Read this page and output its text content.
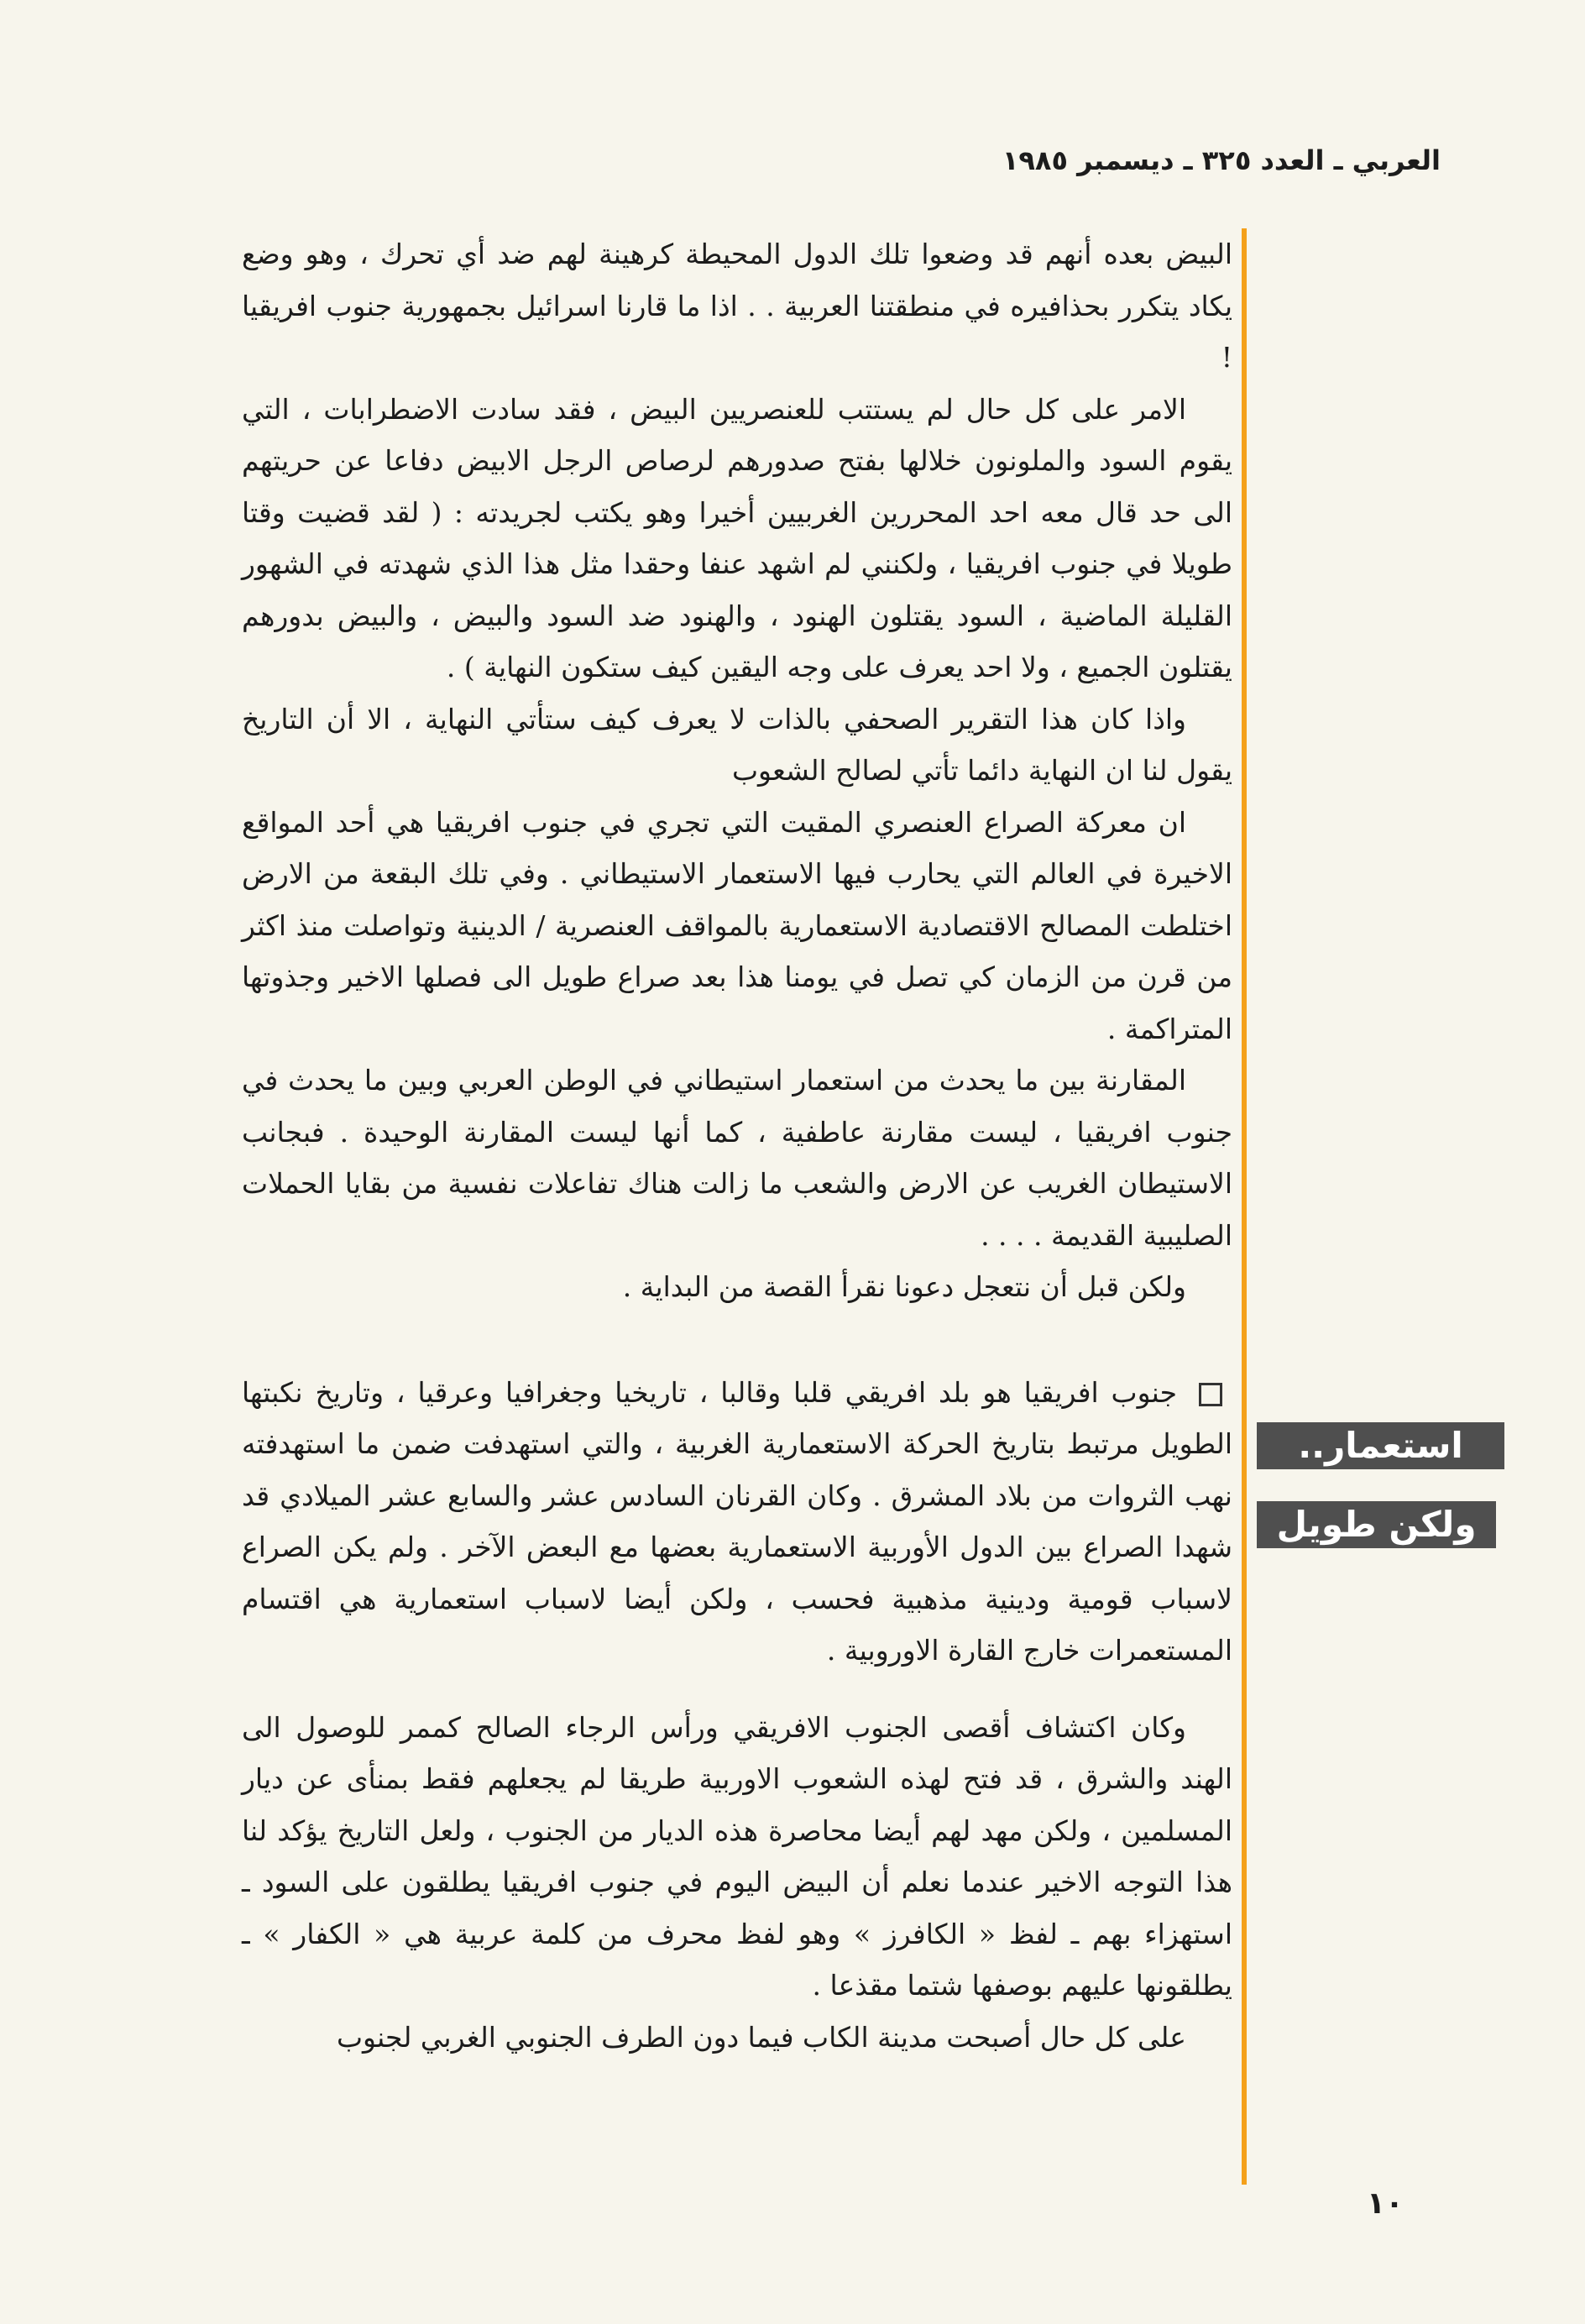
العربي ـ العدد ٣٢٥ ـ ديسمبر ١٩٨٥

البيض بعده أنهم قد وضعوا تلك الدول المحيطة كرهينة لهم ضد أي تحرك ، وهو وضع يكاد يتكرر بحذافيره في منطقتنا العربية . . اذا ما قارنا اسرائيل بجمهورية جنوب افريقيا !

الامر على كل حال لم يستتب للعنصريين البيض ، فقد سادت الاضطرابات ، التي يقوم السود والملونون خلالها بفتح صدورهم لرصاص الرجل الابيض دفاعا عن حريتهم الى حد قال معه احد المحررين الغربيين أخيرا وهو يكتب لجريدته : ( لقد قضيت وقتا طويلا في جنوب افريقيا ، ولكنني لم اشهد عنفا وحقدا مثل هذا الذي شهدته في الشهور القليلة الماضية ، السود يقتلون الهنود ، والهنود ضد السود والبيض ، والبيض بدورهم يقتلون الجميع ، ولا احد يعرف على وجه اليقين كيف ستكون النهاية ) .

واذا كان هذا التقرير الصحفي بالذات لا يعرف كيف ستأتي النهاية ، الا أن التاريخ يقول لنا ان النهاية دائما تأتي لصالح الشعوب

ان معركة الصراع العنصري المقيت التي تجري في جنوب افريقيا هي أحد المواقع الاخيرة في العالم التي يحارب فيها الاستعمار الاستيطاني . وفي تلك البقعة من الارض اختلطت المصالح الاقتصادية الاستعمارية بالمواقف العنصرية / الدينية وتواصلت منذ اكثر من قرن من الزمان كي تصل في يومنا هذا بعد صراع طويل الى فصلها الاخير وجذوتها المتراكمة .

المقارنة بين ما يحدث من استعمار استيطاني في الوطن العربي وبين ما يحدث في جنوب افريقيا ، ليست مقارنة عاطفية ، كما أنها ليست المقارنة الوحيدة . فبجانب الاستيطان الغريب عن الارض والشعب ما زالت هناك تفاعلات نفسية من بقايا الحملات الصليبية القديمة . . . .

ولكن قبل أن نتعجل دعونا نقرأ القصة من البداية .

جنوب افريقيا هو بلد افريقي قلبا وقالبا ، تاريخيا وجغرافيا وعرقيا ، وتاريخ نكبتها الطويل مرتبط بتاريخ الحركة الاستعمارية الغربية ، والتي استهدفت ضمن ما استهدفته نهب الثروات من بلاد المشرق . وكان القرنان السادس عشر والسابع عشر الميلادي قد شهدا الصراع بين الدول الأوربية الاستعمارية بعضها مع البعض الآخر . ولم يكن الصراع لاسباب قومية ودينية مذهبية فحسب ، ولكن أيضا لاسباب استعمارية هي اقتسام المستعمرات خارج القارة الاوروبية .

وكان اكتشاف أقصى الجنوب الافريقي ورأس الرجاء الصالح كممر للوصول الى الهند والشرق ، قد فتح لهذه الشعوب الاوربية طريقا لم يجعلهم فقط بمنأى عن ديار المسلمين ، ولكن مهد لهم أيضا محاصرة هذه الديار من الجنوب ، ولعل التاريخ يؤكد لنا هذا التوجه الاخير عندما نعلم أن البيض اليوم في جنوب افريقيا يطلقون على السود ـ استهزاء بهم ـ لفظ « الكافرز » وهو لفظ محرف من كلمة عربية هي « الكفار » ـ يطلقونها عليهم بوصفها شتما مقذعا .

على كل حال أصبحت مدينة الكاب فيما دون الطرف الجنوبي الغربي لجنوب

استعمار..
ولكن طويل
١٠
